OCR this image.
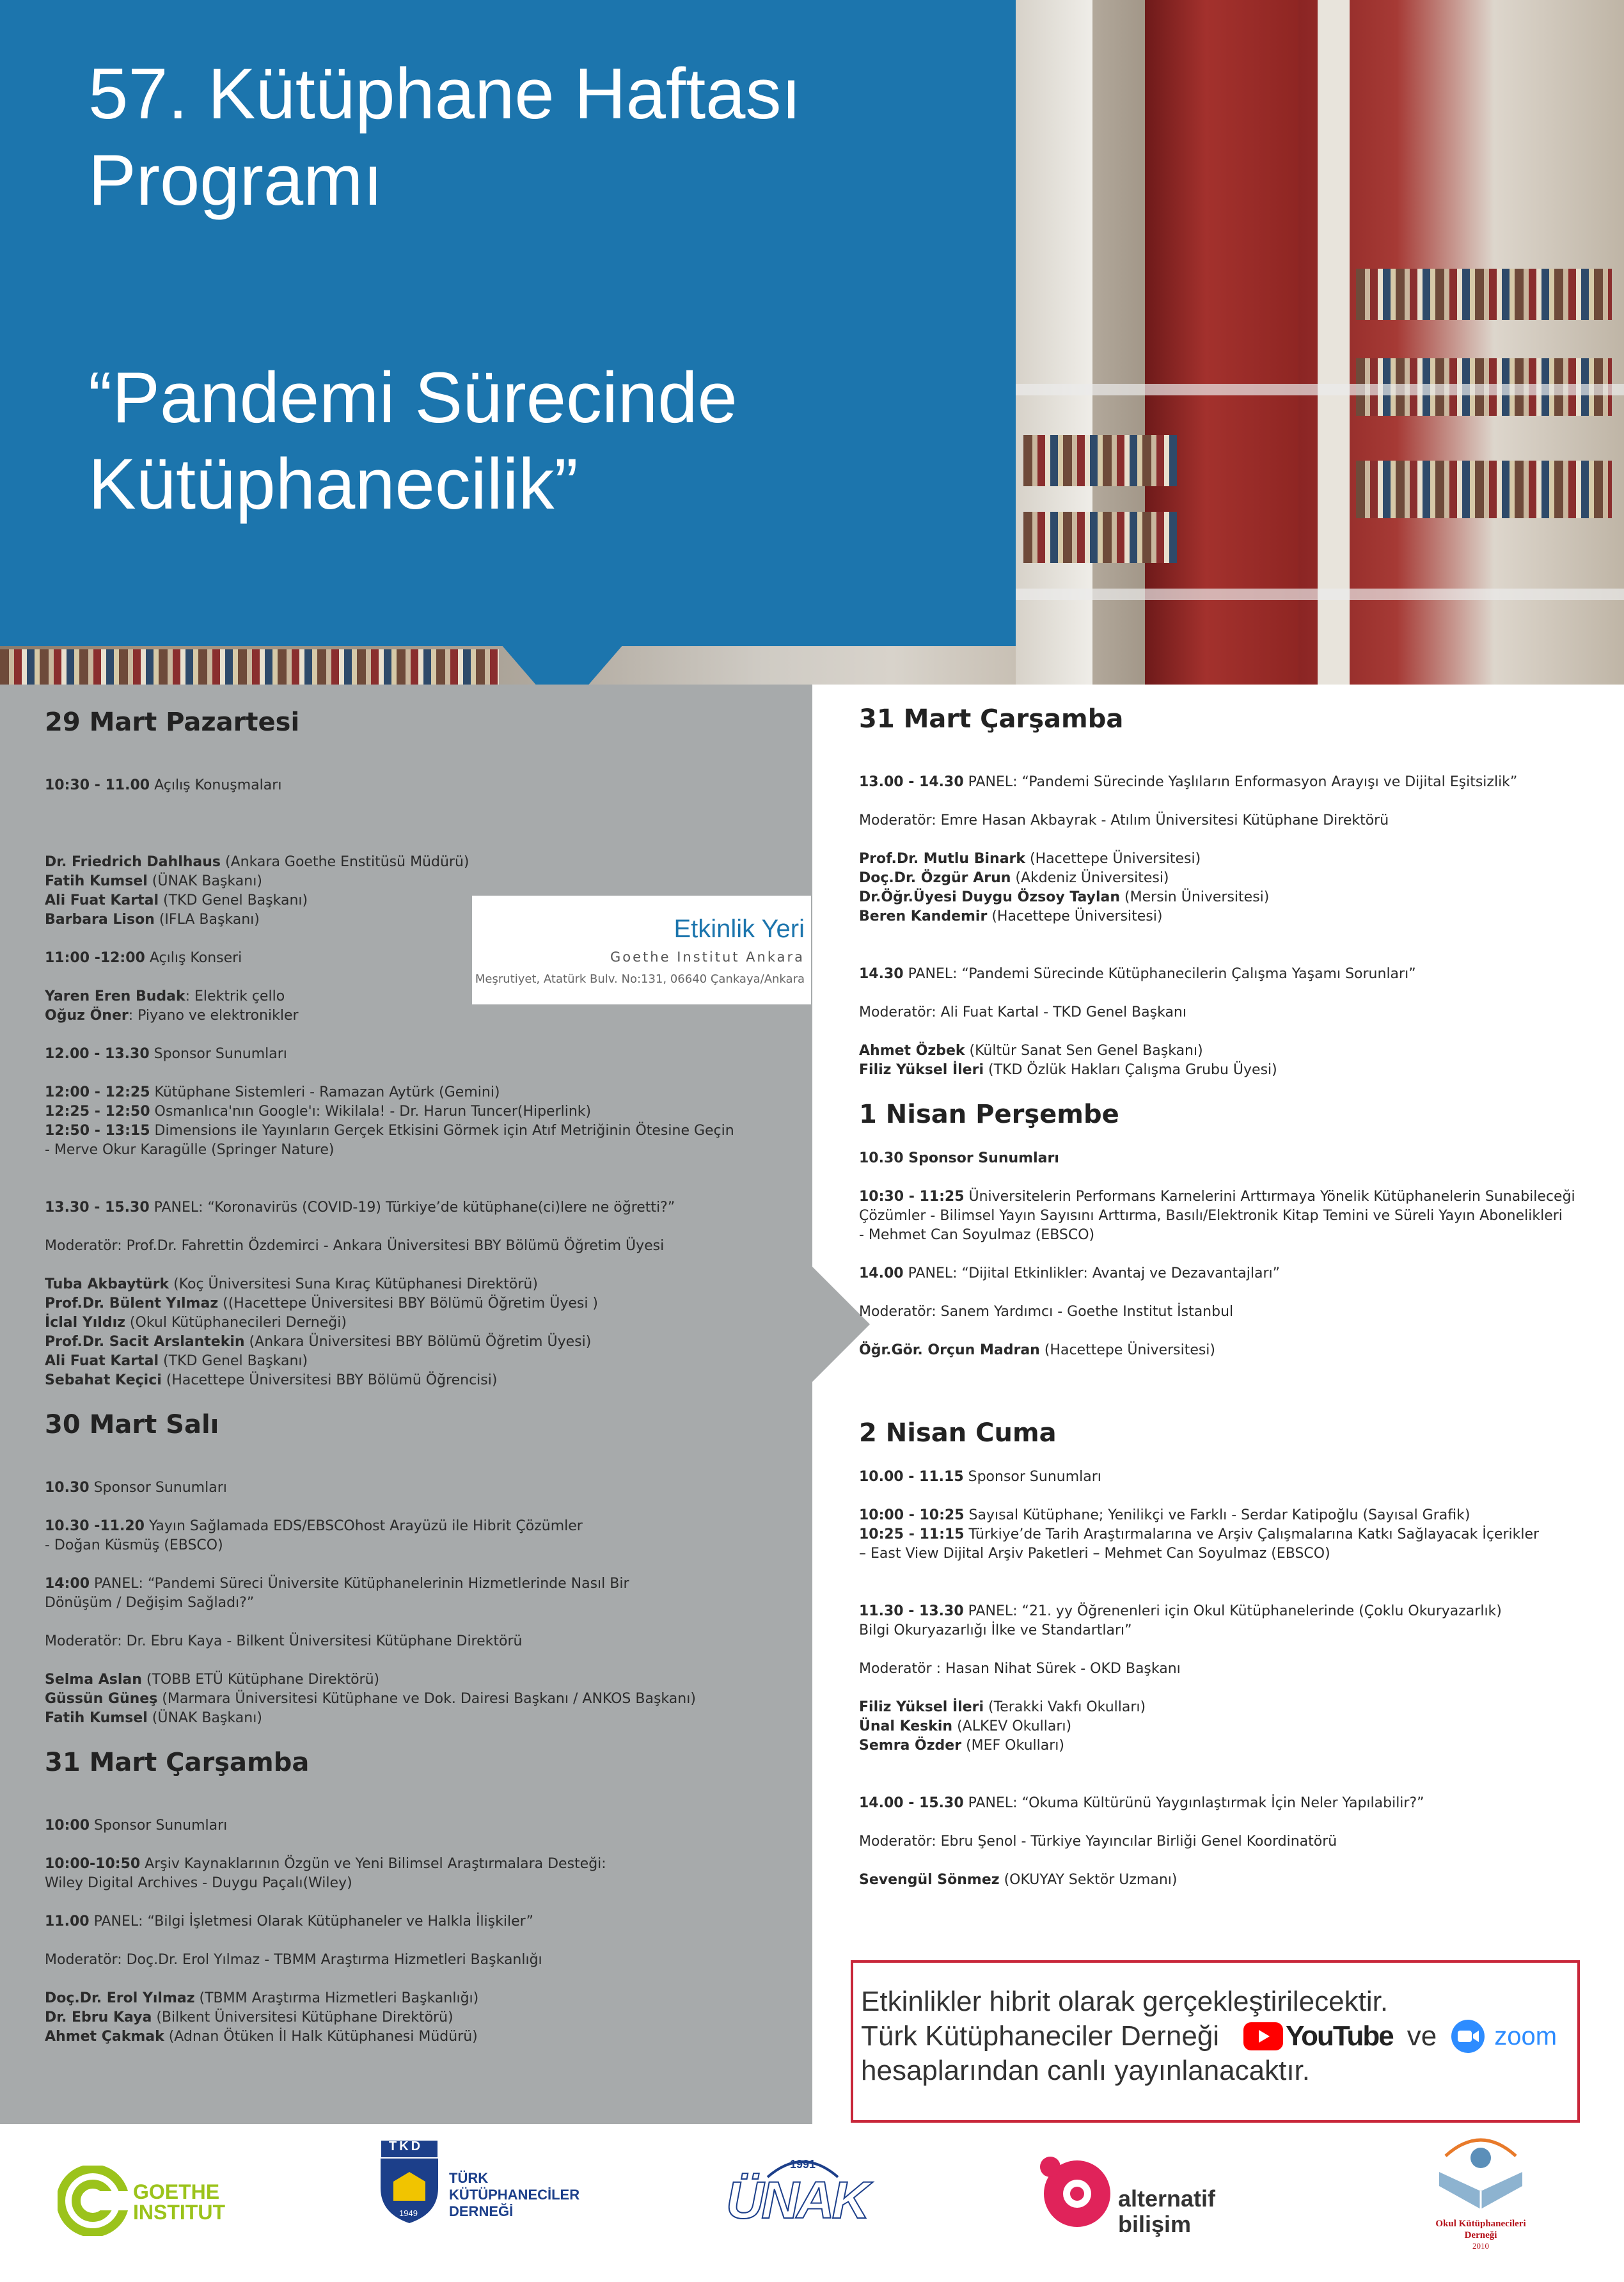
57. Kütüphane Haftası
Programı
“Pandemi Sürecinde
Kütüphanecilik”
29 Mart Pazartesi

10:30 - 11.00 Açılış Konuşmaları

Dr. Friedrich Dahlhaus (Ankara Goethe Enstitüsü Müdürü)

Fatih Kumsel (ÜNAK Başkanı)

Ali Fuat Kartal (TKD Genel Başkanı)

Barbara Lison (IFLA Başkanı)

11:00 -12:00 Açılış Konseri

Yaren Eren Budak: Elektrik çello

Oğuz Öner: Piyano ve elektronikler

12.00 - 13.30 Sponsor Sunumları

12:00 - 12:25 Kütüphane Sistemleri - Ramazan Aytürk (Gemini)

12:25 - 12:50 Osmanlıca'nın Google'ı: Wikilala! - Dr. Harun Tuncer(Hiperlink)

12:50 - 13:15 Dimensions ile Yayınların Gerçek Etkisini Görmek için Atıf Metriğinin Ötesine Geçin
- Merve Okur Karagülle (Springer Nature)

13.30 - 15.30 PANEL: “Koronavirüs (COVID-19) Türkiye’de kütüphane(ci)lere ne öğretti?”

Moderatör: Prof.Dr. Fahrettin Özdemirci - Ankara Üniversitesi BBY Bölümü Öğretim Üyesi

Tuba Akbaytürk (Koç Üniversitesi Suna Kıraç Kütüphanesi Direktörü)

Prof.Dr. Bülent Yılmaz ((Hacettepe Üniversitesi BBY Bölümü Öğretim Üyesi )

İclal Yıldız (Okul Kütüphanecileri Derneği)

Prof.Dr. Sacit Arslantekin (Ankara Üniversitesi BBY Bölümü Öğretim Üyesi)

Ali Fuat Kartal (TKD Genel Başkanı)

Sebahat Keçici (Hacettepe Üniversitesi BBY Bölümü Öğrencisi)

30 Mart Salı

10.30 Sponsor Sunumları

10.30 -11.20 Yayın Sağlamada EDS/EBSCOhost Arayüzü ile Hibrit Çözümler
- Doğan Küsmüş (EBSCO)

14:00 PANEL: “Pandemi Süreci Üniversite Kütüphanelerinin Hizmetlerinde Nasıl Bir
Dönüşüm / Değişim Sağladı?”

Moderatör: Dr. Ebru Kaya - Bilkent Üniversitesi Kütüphane Direktörü

Selma Aslan (TOBB ETÜ Kütüphane Direktörü)

Güssün Güneş (Marmara Üniversitesi Kütüphane ve Dok. Dairesi Başkanı / ANKOS Başkanı)

Fatih Kumsel (ÜNAK Başkanı)

31 Mart Çarşamba

10:00 Sponsor Sunumları

10:00-10:50 Arşiv Kaynaklarının Özgün ve Yeni Bilimsel Araştırmalara Desteği:
Wiley Digital Archives - Duygu Paçalı(Wiley)

11.00 PANEL: “Bilgi İşletmesi Olarak Kütüphaneler ve Halkla İlişkiler”

Moderatör: Doç.Dr. Erol Yılmaz - TBMM Araştırma Hizmetleri Başkanlığı

Doç.Dr. Erol Yılmaz (TBMM Araştırma Hizmetleri Başkanlığı)

Dr. Ebru Kaya (Bilkent Üniversitesi Kütüphane Direktörü)

Ahmet Çakmak (Adnan Ötüken İl Halk Kütüphanesi Müdürü)

Etkinlik Yeri
Goethe Institut Ankara
Meşrutiyet, Atatürk Bulv. No:131, 06640 Çankaya/Ankara
31 Mart Çarşamba

13.00 - 14.30 PANEL: “Pandemi Sürecinde Yaşlıların Enformasyon Arayışı ve Dijital Eşitsizlik”

Moderatör: Emre Hasan Akbayrak - Atılım Üniversitesi Kütüphane Direktörü

Prof.Dr. Mutlu Binark (Hacettepe Üniversitesi)

Doç.Dr. Özgür Arun (Akdeniz Üniversitesi)

Dr.Öğr.Üyesi Duygu Özsoy Taylan (Mersin Üniversitesi)

Beren Kandemir (Hacettepe Üniversitesi)

14.30 PANEL: “Pandemi Sürecinde Kütüphanecilerin Çalışma Yaşamı Sorunları”

Moderatör: Ali Fuat Kartal - TKD Genel Başkanı

Ahmet Özbek (Kültür Sanat Sen Genel Başkanı)

Filiz Yüksel İleri (TKD Özlük Hakları Çalışma Grubu Üyesi)

1 Nisan Perşembe

10.30 Sponsor Sunumları

10:30 - 11:25 Üniversitelerin Performans Karnelerini Arttırmaya Yönelik Kütüphanelerin Sunabileceği
Çözümler - Bilimsel Yayın Sayısını Arttırma, Basılı/Elektronik Kitap Temini ve Süreli Yayın Abonelikleri
- Mehmet Can Soyulmaz (EBSCO)

14.00 PANEL: “Dijital Etkinlikler: Avantaj ve Dezavantajları”

Moderatör: Sanem Yardımcı - Goethe Institut İstanbul

Öğr.Gör. Orçun Madran (Hacettepe Üniversitesi)

2 Nisan Cuma

10.00 - 11.15 Sponsor Sunumları

10:00 - 10:25 Sayısal Kütüphane; Yenilikçi ve Farklı - Serdar Katipoğlu (Sayısal Grafik)

10:25 - 11:15 Türkiye’de Tarih Araştırmalarına ve Arşiv Çalışmalarına Katkı Sağlayacak İçerikler
– East View Dijital Arşiv Paketleri – Mehmet Can Soyulmaz (EBSCO)

11.30 - 13.30 PANEL: “21. yy Öğrenenleri için Okul Kütüphanelerinde (Çoklu Okuryazarlık)
Bilgi Okuryazarlığı İlke ve Standartları”

Moderatör : Hasan Nihat Sürek - OKD Başkanı

Filiz Yüksel İleri (Terakki Vakfı Okulları)

Ünal Keskin (ALKEV Okulları)

Semra Özder (MEF Okulları)

14.00 - 15.30 PANEL: “Okuma Kültürünü Yaygınlaştırmak İçin Neler Yapılabilir?”

Moderatör: Ebru Şenol - Türkiye Yayıncılar Birliği Genel Koordinatörü

Sevengül Sönmez (OKUYAY Sektör Uzmanı)

Etkinlikler hibrit olarak gerçekleştirilecektir.
Türk Kütüphaneciler Derneği YouTube ve zoom
hesaplarından canlı yayınlanacaktır.
GOETHE
INSTITUT
TKD
1949
TÜRK
KÜTÜPHANECİLER
DERNEĞİ
1991
ÜNAK	alternatif
bilişim	Okul Kütüphanecileri
Derneği
2010
